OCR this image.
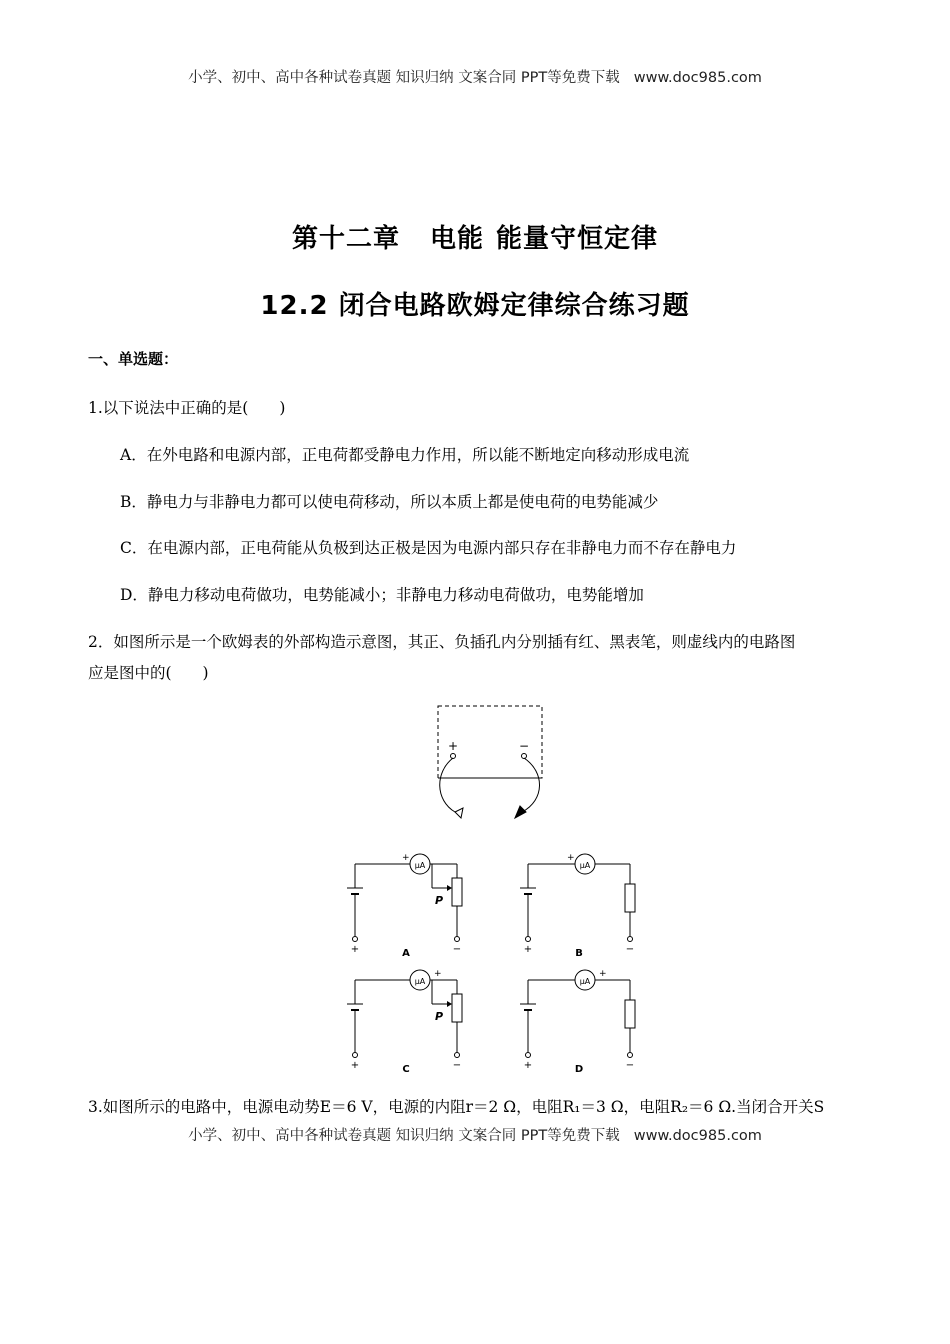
小学、初中、高中各种试卷真题 知识归纳 文案合同 PPT等免费下载 www.doc985.com
第十二章 电能 能量守恒定律
12.2 闭合电路欧姆定律综合练习题
一、单选题：
1.以下说法中正确的是(　　)
A．在外电路和电源内部，正电荷都受静电力作用，所以能不断地定向移动形成电流
B．静电力与非静电力都可以使电荷移动，所以本质上都是使电荷的电势能减少
C．在电源内部，正电荷能从负极到达正极是因为电源内部只存在非静电力而不存在静电力
D．静电力移动电荷做功，电势能减小；非静电力移动电荷做功，电势能增加
2．如图所示是一个欧姆表的外部构造示意图，其正、负插孔内分别插有红、黑表笔，则虚线内的电路图
应是图中的(　　)
+	−
+
μA
+
−
P
A	+
μA
+
−
B
+
μA
+
−
P
C	+
μA
+
−
D
3.如图所示的电路中，电源电动势E＝6 V，电源的内阻r＝2 Ω，电阻R₁＝3 Ω，电阻R₂＝6 Ω.当闭合开关S
小学、初中、高中各种试卷真题 知识归纳 文案合同 PPT等免费下载 www.doc985.com
